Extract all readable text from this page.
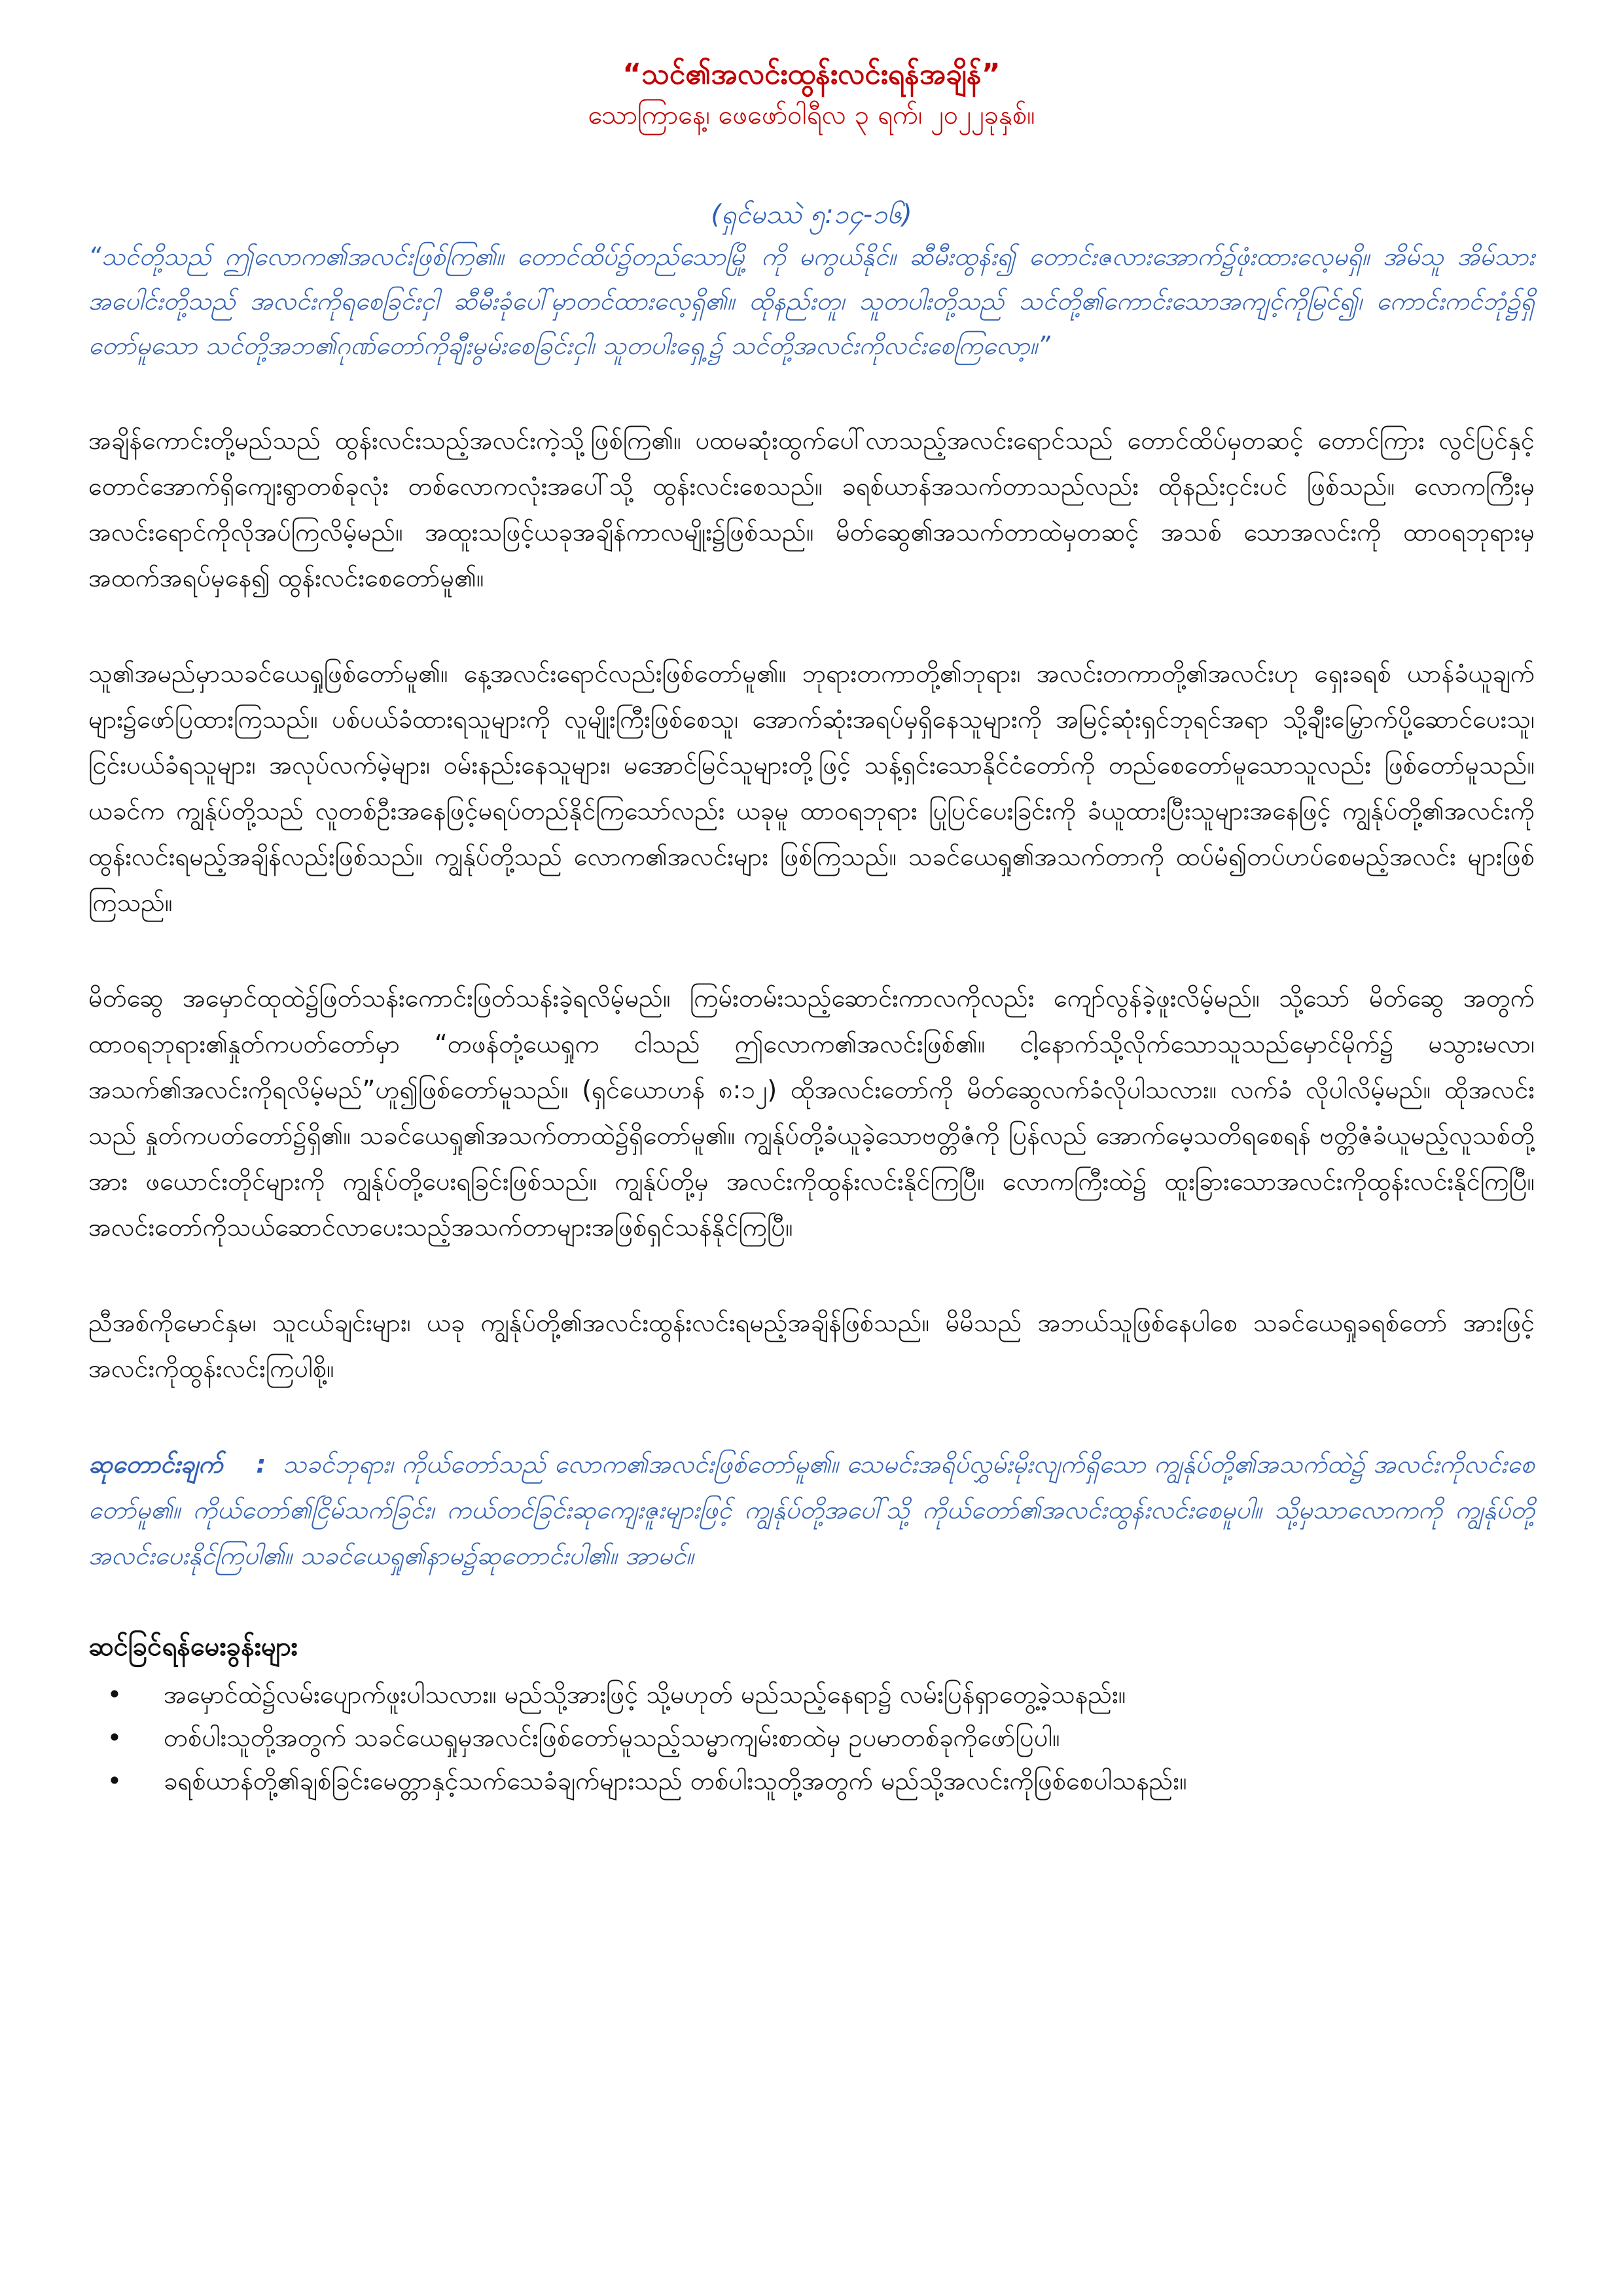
“သင်၏အလင်းထွန်းလင်းရန်အချိန်”

သောကြာနေ့၊ ဖေဖော်ဝါရီလ ၃ ရက်၊ ၂၀၂၂ခုနှစ်။

(ရှင်မဿဲ ၅:၁၄-၁၆)

“သင်တို့သည် ဤလောက၏အလင်းဖြစ်ကြ၏။ တောင်ထိပ်၌တည်သောမြို့ ကို မကွယ်နိုင်။ ဆီမီးထွန်း၍ တောင်းဇလားအောက်၌ဖုံးထားလေ့မရှိ။ အိမ်သူ အိမ်သားအပေါင်းတို့သည် အလင်းကိုရစေခြင်းငှါ ဆီမီးခုံပေါ်မှာတင်ထားလေ့ရှိ၏။ ထိုနည်းတူ၊ သူတပါးတို့သည် သင်တို့၏ကောင်းသောအကျင့်ကိုမြင်၍၊ ကောင်းကင်ဘုံ၌ရှိတော်မူသော သင်တို့အဘ၏ဂုဏ်တော်ကိုချီးမွမ်းစေခြင်းငှါ၊ သူတပါးရှေ့၌ သင်တို့အလင်းကိုလင်းစေကြလော့။”

အချိန်ကောင်းတို့မည်သည် ထွန်းလင်းသည့်အလင်းကဲ့သို့ဖြစ်ကြ၏။ ပထမဆုံးထွက်ပေါ်လာသည့်အလင်းရောင်သည် တောင်ထိပ်မှတဆင့် တောင်ကြား လွင်ပြင်နှင့် တောင်အောက်ရှိကျေးရွာတစ်ခုလုံး တစ်လောကလုံးအပေါ်သို့ ထွန်းလင်းစေသည်။ ခရစ်ယာန်အသက်တာသည်လည်း ထိုနည်းငှင်းပင် ဖြစ်သည်။ လောကကြီးမှ အလင်းရောင်ကိုလိုအပ်ကြလိမ့်မည်။ အထူးသဖြင့်ယခုအချိန်ကာလမျိုး၌ဖြစ်သည်။ မိတ်ဆွေ၏အသက်တာထဲမှတဆင့် အသစ် သောအလင်းကို ထာဝရဘုရားမှ အထက်အရပ်မှနေ၍ ထွန်းလင်းစေတော်မူ၏။

သူ၏အမည်မှာသခင်ယေရှုဖြစ်တော်မူ၏။ နေ့အလင်းရောင်လည်းဖြစ်တော်မူ၏။ ဘုရားတကာတို့၏ဘုရား၊ အလင်းတကာတို့၏အလင်းဟု ရှေးခရစ် ယာန်ခံယူချက်များ၌ဖော်ပြထားကြသည်။ ပစ်ပယ်ခံထားရသူများကို လူမျိုးကြီးဖြစ်စေသူ၊ အောက်ဆုံးအရပ်မှရှိနေသူများကို အမြင့်ဆုံးရှင်ဘုရင်အရာ သို့ချီးမြှောက်ပို့ဆောင်ပေးသူ၊ ငြင်းပယ်ခံရသူများ၊ အလုပ်လက်မဲ့များ၊ ဝမ်းနည်းနေသူများ၊ မအောင်မြင်သူများတို့ဖြင့် သန့်ရှင်းသောနိုင်ငံတော်ကို တည်စေတော်မူသောသူလည်း ဖြစ်တော်မူသည်။ ယခင်က ကျွန်ုပ်တို့သည် လူတစ်ဦးအနေဖြင့်မရပ်တည်နိုင်ကြသော်လည်း ယခုမူ ထာဝရဘုရား ပြုပြင်ပေးခြင်းကို ခံယူထားပြီးသူများအနေဖြင့် ကျွန်ုပ်တို့၏အလင်းကို ထွန်းလင်းရမည့်အချိန်လည်းဖြစ်သည်။ ကျွန်ုပ်တို့သည် လောက၏အလင်းများ ဖြစ်ကြသည်။ သခင်ယေရှု၏အသက်တာကို ထပ်မံ၍တပ်ဟပ်စေမည့်အလင်း များဖြစ်ကြသည်။

မိတ်ဆွေ အမှောင်ထုထဲ၌ဖြတ်သန်းကောင်းဖြတ်သန်းခဲ့ရလိမ့်မည်။ ကြမ်းတမ်းသည့်ဆောင်းကာလကိုလည်း ကျော်လွန်ခဲ့ဖူးလိမ့်မည်။ သို့သော် မိတ်ဆွေ အတွက် ထာဝရဘုရား၏နှုတ်ကပတ်တော်မှာ “တဖန်တုံ့ယေရှုက ငါသည် ဤလောက၏အလင်းဖြစ်၏။ ငါ့နောက်သို့လိုက်သောသူသည်မှောင်မိုက်၌ မသွားမလာ၊ အသက်၏အလင်းကိုရလိမ့်မည်”ဟူ၍ဖြစ်တော်မူသည်။ (ရှင်ယောဟန် ၈:၁၂) ထိုအလင်းတော်ကို မိတ်ဆွေလက်ခံလိုပါသလား။ လက်ခံ လိုပါလိမ့်မည်။ ထိုအလင်းသည် နှုတ်ကပတ်တော်၌ရှိ၏။ သခင်ယေရှု၏အသက်တာထဲ၌ရှိတော်မူ၏။ ကျွန်ုပ်တို့ခံယူခဲ့သောဗတ္တိဇံကို ပြန်လည် အောက်မေ့သတိရစေရန် ဗတ္တိဇံခံယူမည့်လူသစ်တို့အား ဖယောင်းတိုင်များကို ကျွန်ုပ်တို့ပေးရခြင်းဖြစ်သည်။ ကျွန်ုပ်တို့မှ အလင်းကိုထွန်းလင်းနိုင်ကြပြီ။ လောကကြီးထဲ၌ ထူးခြားသောအလင်းကိုထွန်းလင်းနိုင်ကြပြီ။ အလင်းတော်ကိုသယ်ဆောင်လာပေးသည့်အသက်တာများအဖြစ်ရှင်သန်နိုင်ကြပြီ။

ညီအစ်ကိုမောင်နှမ၊ သူငယ်ချင်းများ၊ ယခု ကျွန်ုပ်တို့၏အလင်းထွန်းလင်းရမည့်အချိန်ဖြစ်သည်။ မိမိသည် အဘယ်သူဖြစ်နေပါစေ သခင်ယေရှုခရစ်တော် အားဖြင့် အလင်းကိုထွန်းလင်းကြပါစို့။

ဆုတောင်းချက် : သခင်ဘုရား၊ ကိုယ်တော်သည် လောက၏အလင်းဖြစ်တော်မူ၏။ သေမင်းအရိပ်လွှမ်းမိုးလျက်ရှိသော ကျွန်ုပ်တို့၏အသက်ထဲ၌ အလင်းကိုလင်းစေတော်မူ၏။ ကိုယ်တော်၏ငြိမ်သက်ခြင်း၊ ကယ်တင်ခြင်းဆုကျေးဇူးများဖြင့် ကျွန်ုပ်တို့အပေါ်သို့ ကိုယ်တော်၏အလင်းထွန်းလင်းစေမူပါ။ သို့မှသာလောကကို ကျွန်ုပ်တို့အလင်းပေးနိုင်ကြပါ၏။ သခင်ယေရှု၏နာမ၌ဆုတောင်းပါ၏။ အာမင်။

ဆင်ခြင်ရန်မေးခွန်းများ
•	အမှောင်ထဲ၌လမ်းပျောက်ဖူးပါသလား။ မည်သို့အားဖြင့် သို့မဟုတ် မည်သည့်နေရာ၌ လမ်းပြန်ရှာတွေ့ခဲ့သနည်း။
•	တစ်ပါးသူတို့အတွက် သခင်ယေရှုမှအလင်းဖြစ်တော်မူသည့်သမ္မာကျမ်းစာထဲမှ ဥပမာတစ်ခုကိုဖော်ပြပါ။
•	ခရစ်ယာန်တို့၏ချစ်ခြင်းမေတ္တာနှင့်သက်သေခံချက်များသည် တစ်ပါးသူတို့အတွက် မည်သို့အလင်းကိုဖြစ်စေပါသနည်း။
